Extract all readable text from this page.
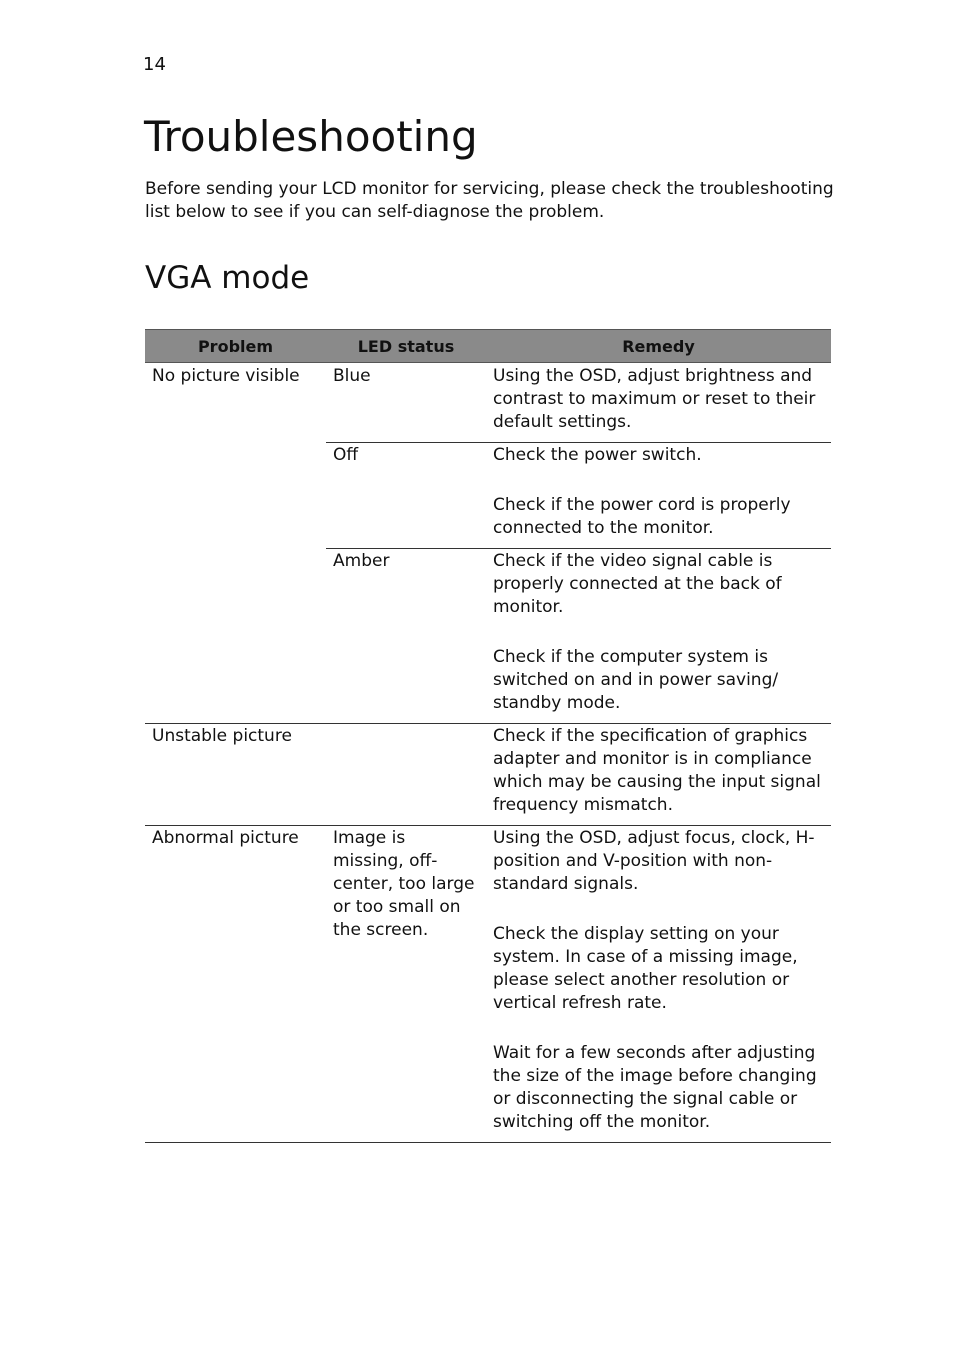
14
Troubleshooting

Before sending your LCD monitor for servicing, please check the troubleshooting list below to see if you can self-diagnose the problem.

VGA mode
Problem	LED status	Remedy
No picture visible	Blue	Using the OSD, adjust brightness and contrast to maximum or reset to their default settings.

	Off	Check the power switch.

Check if the power cord is properly connected to the monitor.

	Amber	Check if the video signal cable is properly connected at the back of monitor.

Check if the computer system is switched on and in power saving/ standby mode.

Unstable picture		Check if the specification of graphics adapter and monitor is in compliance which may be causing the input signal frequency mismatch.

Abnormal picture	Image is missing, off-center, too large or too small on the screen.	Using the OSD, adjust focus, clock, H-position and V-position with non-standard signals.

Check the display setting on your system. In case of a missing image, please select another resolution or vertical refresh rate.

Wait for a few seconds after adjusting the size of the image before changing or disconnecting the signal cable or switching off the monitor.
